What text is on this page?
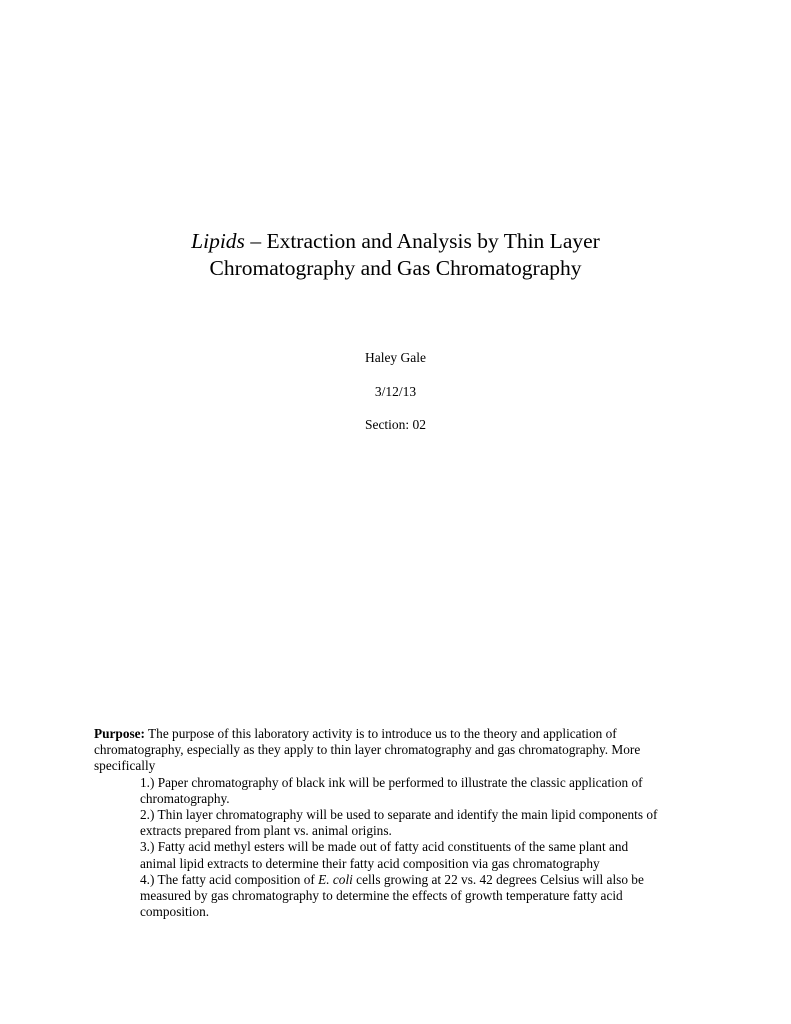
Lipids – Extraction and Analysis by Thin Layer
Chromatography and Gas Chromatography
Haley Gale
3/12/13
Section: 02
Purpose: The purpose of this laboratory activity is to introduce us to the theory and application of
chromatography, especially as they apply to thin layer chromatography and gas chromatography. More
specifically
1.) Paper chromatography of black ink will be performed to illustrate the classic application of
chromatography.
2.) Thin layer chromatography will be used to separate and identify the main lipid components of
extracts prepared from plant vs. animal origins.
3.) Fatty acid methyl esters will be made out of fatty acid constituents of the same plant and
animal lipid extracts to determine their fatty acid composition via gas chromatography
4.) The fatty acid composition of E. coli cells growing at 22 vs. 42 degrees Celsius will also be
measured by gas chromatography to determine the effects of growth temperature fatty acid
composition.
